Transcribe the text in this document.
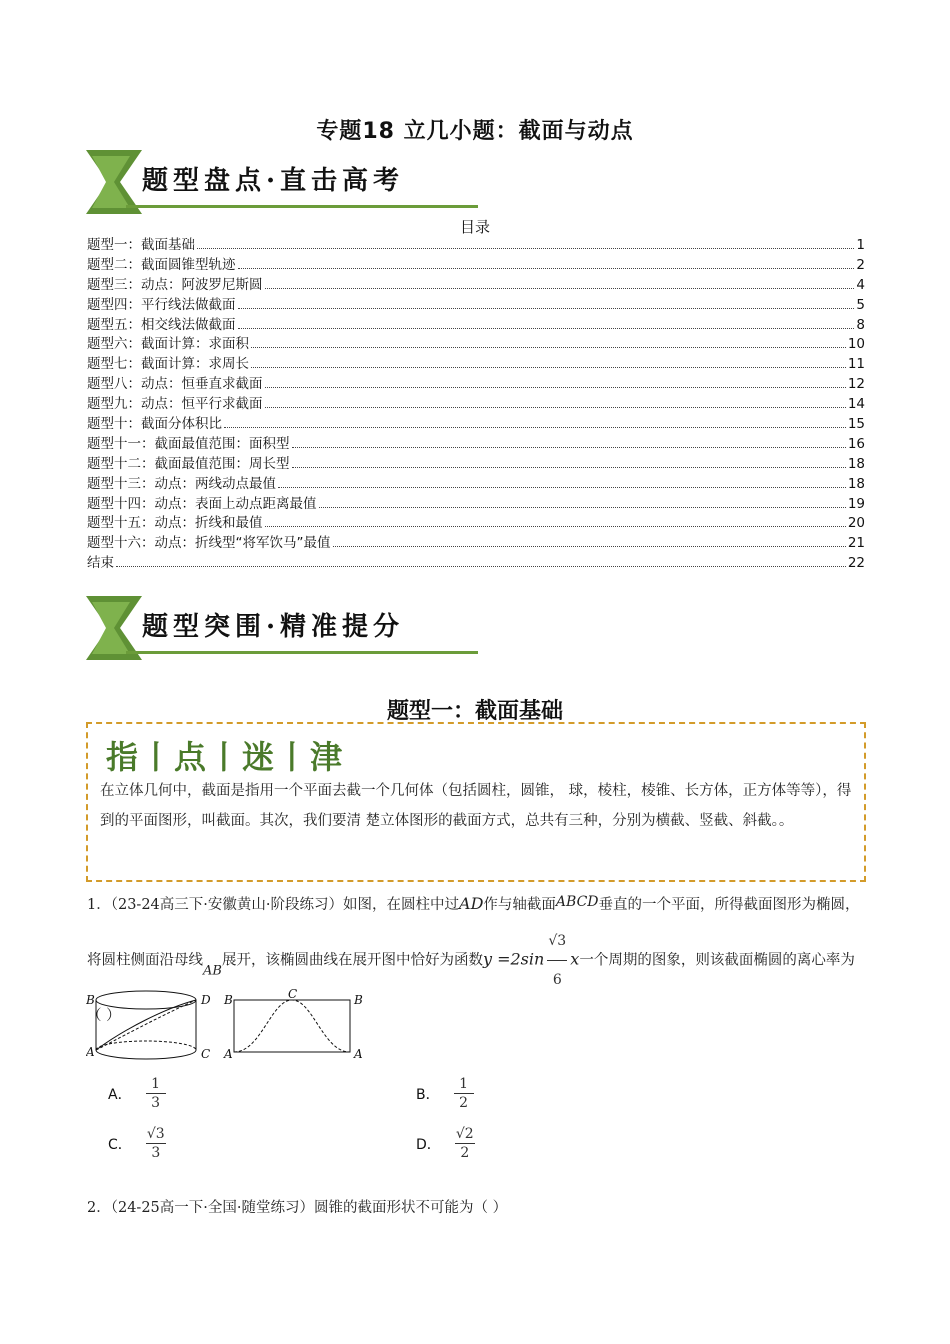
专题18 立几小题：截面与动点
题型盘点·直击高考
目录
题型一：截面基础	1
题型二：截面圆锥型轨迹	2
题型三：动点：阿波罗尼斯圆	4
题型四：平行线法做截面	5
题型五：相交线法做截面	8
题型六：截面计算：求面积	10
题型七：截面计算：求周长	11
题型八：动点：恒垂直求截面	12
题型九：动点：恒平行求截面	14
题型十：截面分体积比	15
题型十一：截面最值范围：面积型	16
题型十二：截面最值范围：周长型	18
题型十三：动点：两线动点最值	18
题型十四：动点：表面上动点距离最值	19
题型十五：动点：折线和最值	20
题型十六：动点：折线型“将军饮马”最值	21
结束	22
题型突围·精准提分
题型一：截面基础
指丨点丨迷丨津
在立体几何中，截面是指用一个平面去截一个几何体（包括圆柱，圆锥， 球，棱柱，棱锥、长方体，正方体等等），得到的平面图形，叫截面。其次，我们要清 楚立体图形的截面方式，总共有三种，分别为横截、竖截、斜截。。
1．（23-24高三下·安徽黄山·阶段练习）如图，在圆柱中过AD作与轴截面ABCD垂直的一个平面，所得截面图形为椭圆，将圆柱侧面沿母线AB展开，该椭圆曲线在展开图中恰好为函数$y =2\sin \frac{√3}{6}$ x一个周期的图象，则该截面椭圆的离心率为（ ）
B	D
A	C
B	C	B
A	A
A． $\frac{1}{3}$	B． $\frac{1}{2}$
C． $\frac{√3}{3}$	D． $\frac{√2}{2}$
2．（24-25高一下·全国·随堂练习）圆锥的截面形状不可能为（ ）
